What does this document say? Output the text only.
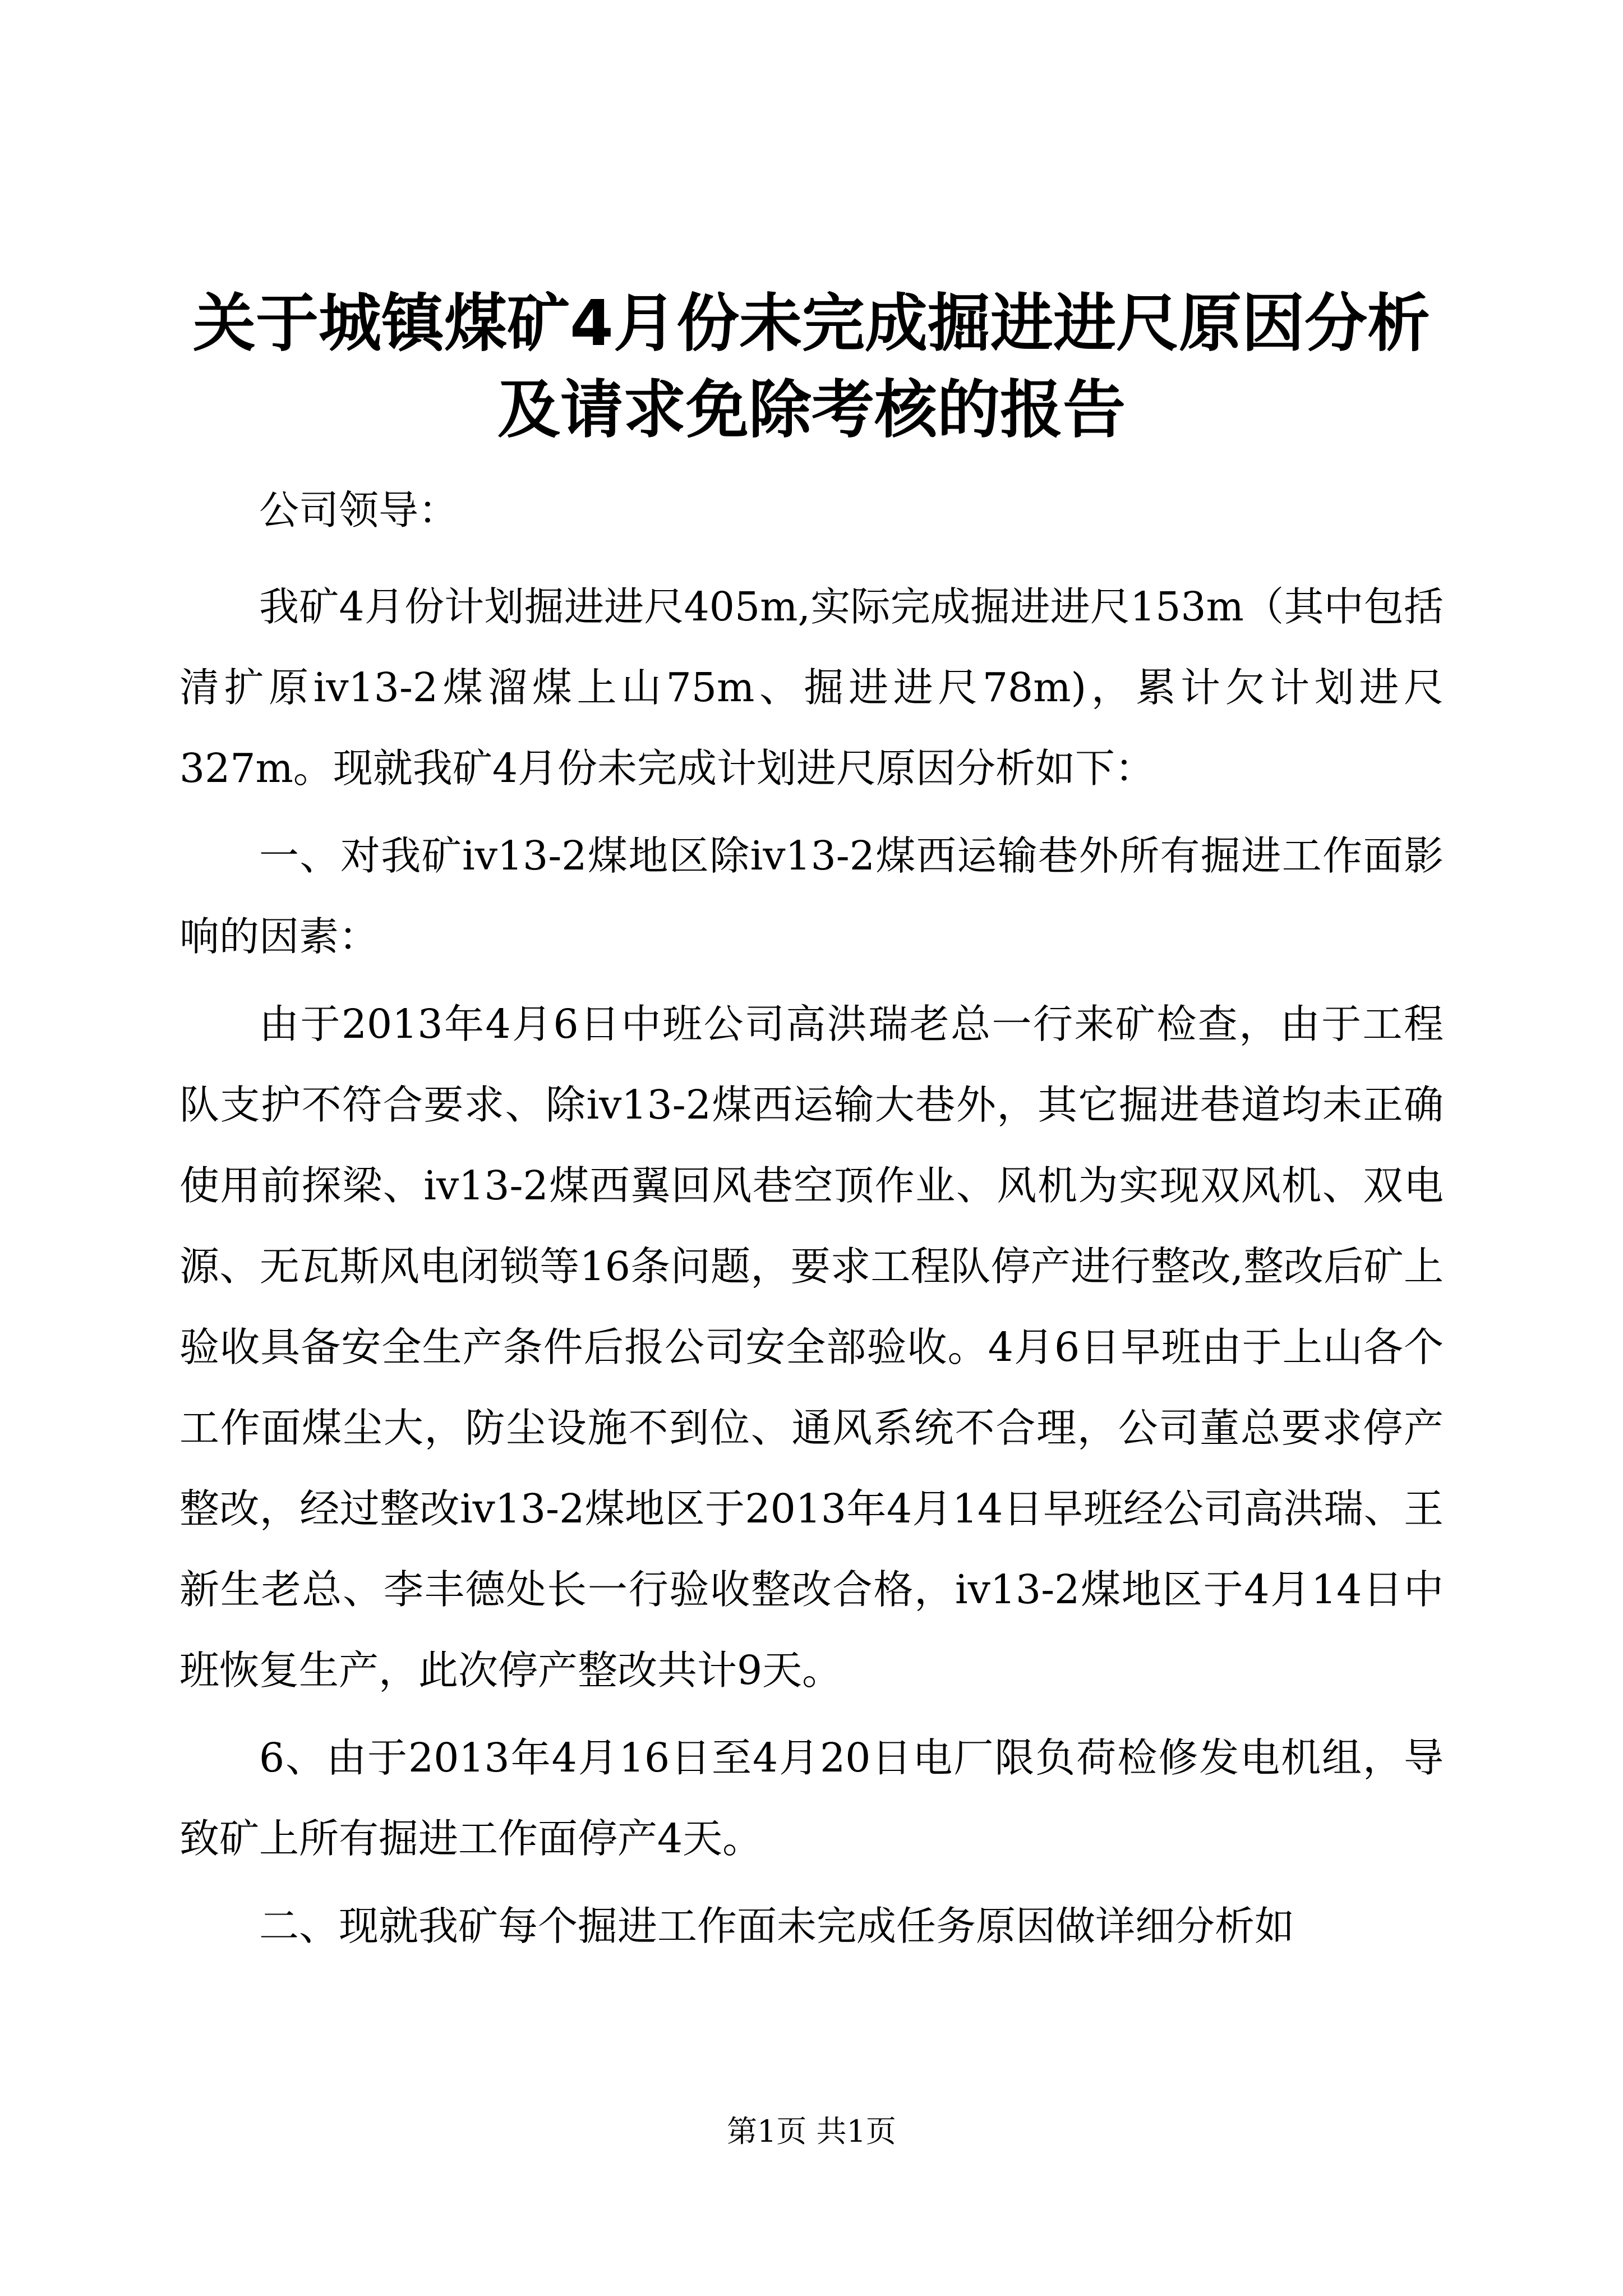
关于城镇煤矿4月份未完成掘进进尺原因分析
及请求免除考核的报告

公司领导：

我矿4月份计划掘进进尺405m,实际完成掘进进尺153m（其中包括清扩原iv13-2煤溜煤上山75m、掘进进尺78m)，累计欠计划进尺327m。现就我矿4月份未完成计划进尺原因分析如下：

一、对我矿iv13-2煤地区除iv13-2煤西运输巷外所有掘进工作面影响的因素：

由于2013年4月6日中班公司高洪瑞老总一行来矿检查，由于工程队支护不符合要求、除iv13-2煤西运输大巷外，其它掘进巷道均未正确使用前探梁、iv13-2煤西翼回风巷空顶作业、风机为实现双风机、双电源、无瓦斯风电闭锁等16条问题，要求工程队停产进行整改,整改后矿上验收具备安全生产条件后报公司安全部验收。4月6日早班由于上山各个工作面煤尘大，防尘设施不到位、通风系统不合理，公司董总要求停产整改，经过整改iv13-2煤地区于2013年4月14日早班经公司高洪瑞、王新生老总、李丰德处长一行验收整改合格，iv13-2煤地区于4月14日中班恢复生产，此次停产整改共计9天。

6、由于2013年4月16日至4月20日电厂限负荷检修发电机组，导致矿上所有掘进工作面停产4天。

二、现就我矿每个掘进工作面未完成任务原因做详细分析如

第1页 共1页
